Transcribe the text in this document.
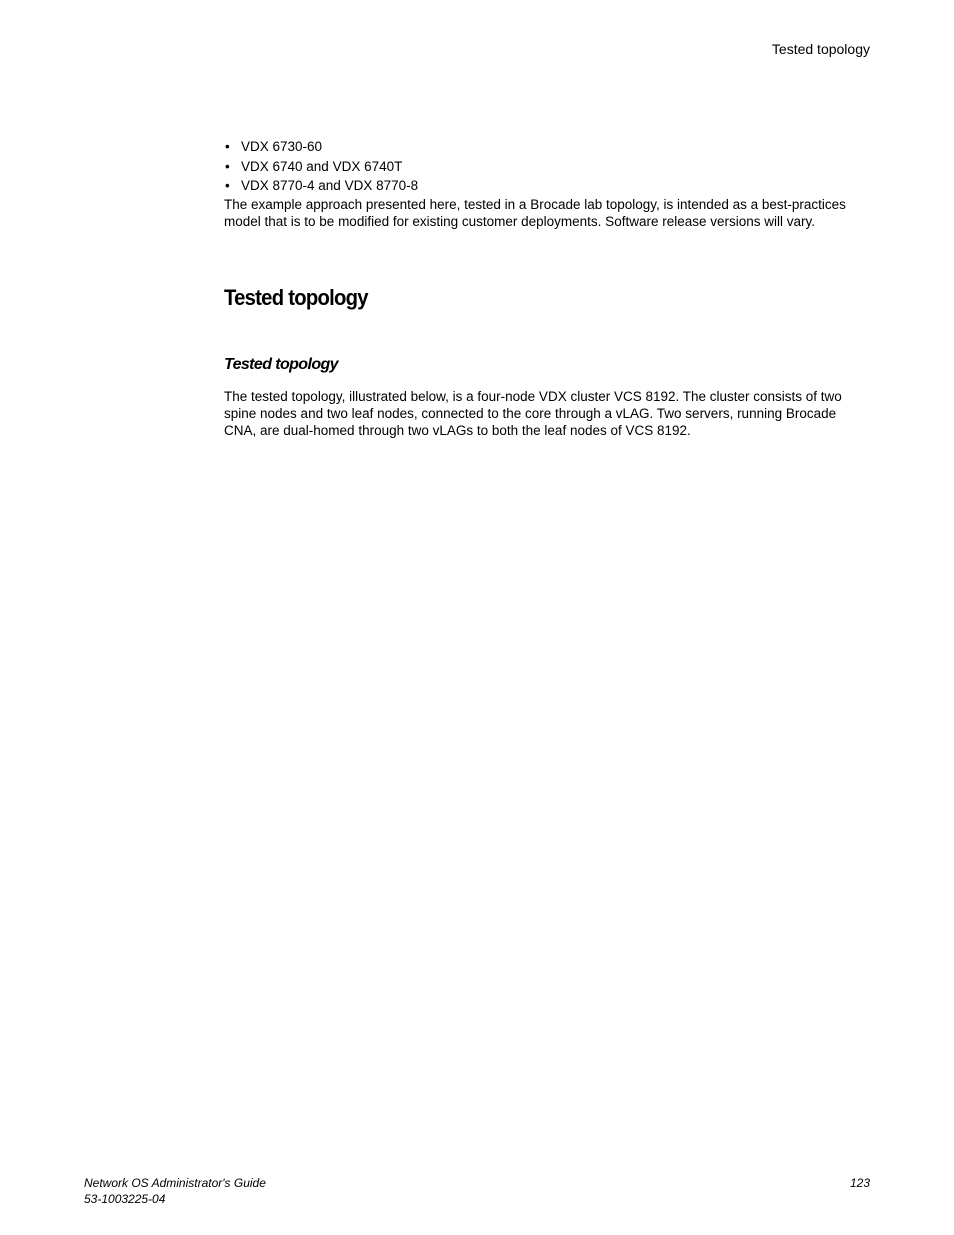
Tested topology
• VDX 6730-60
• VDX 6740 and VDX 6740T
• VDX 8770-4 and VDX 8770-8

The example approach presented here, tested in a Brocade lab topology, is intended as a best-practices model that is to be modified for existing customer deployments. Software release versions will vary.

Tested topology
Tested topology

The tested topology, illustrated below, is a four-node VDX cluster VCS 8192. The cluster consists of two spine nodes and two leaf nodes, connected to the core through a vLAG. Two servers, running Brocade CNA, are dual-homed through two vLAGs to both the leaf nodes of VCS 8192.

Network OS Administrator's Guide
53-1003225-04
123
